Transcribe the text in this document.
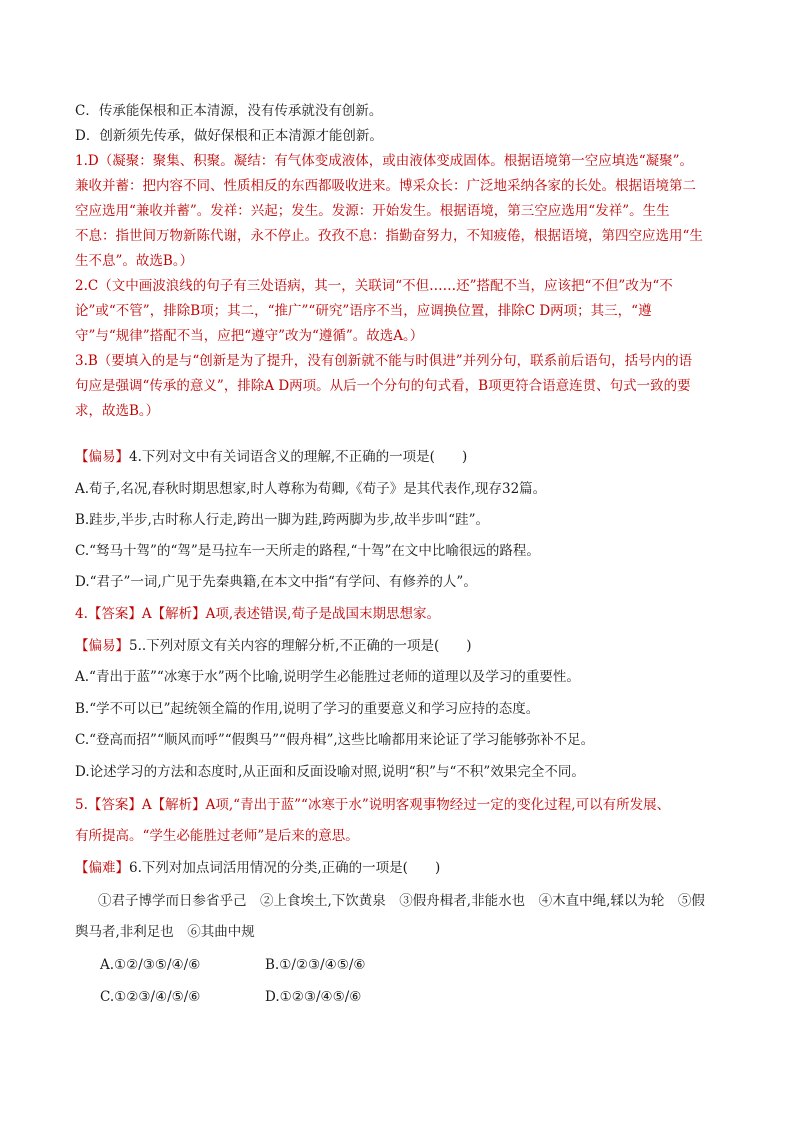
C．传承能保根和正本清源，没有传承就没有创新。
D．创新须先传承，做好保根和正本清源才能创新。
1.D（凝聚：聚集、积聚。凝结：有气体变成液体，或由液体变成固体。根据语境第一空应填选“凝聚”。
兼收并蓄：把内容不同、性质相反的东西都吸收进来。博采众长：广泛地采纳各家的长处。根据语境第二
空应选用“兼收并蓄”。发祥：兴起；发生。发源：开始发生。根据语境，第三空应选用“发祥”。生生
不息：指世间万物新陈代谢，永不停止。孜孜不息：指勤奋努力，不知疲倦，根据语境，第四空应选用“生
生不息”。故选B。）
2.C（文中画波浪线的句子有三处语病，其一，关联词“不但……还”搭配不当，应该把“不但”改为“不
论”或“不管”，排除B项；其二，“推广”“研究”语序不当，应调换位置，排除C D两项；其三，“遵
守”与“规律”搭配不当，应把“遵守”改为“遵循”。故选A。）
3.B（要填入的是与“创新是为了提升，没有创新就不能与时俱进”并列分句，联系前后语句，括号内的语
句应是强调“传承的意义”，排除A D两项。从后一个分句的句式看，B项更符合语意连贯、句式一致的要
求，故选B。）
【偏易】4.下列对文中有关词语含义的理解,不正确的一项是(　　)
A.荀子,名况,春秋时期思想家,时人尊称为荀卿,《荀子》是其代表作,现存32篇。
B.跬步,半步,古时称人行走,跨出一脚为跬,跨两脚为步,故半步叫“跬”。
C.“驽马十驾”的“驾”是马拉车一天所走的路程,“十驾”在文中比喻很远的路程。
D.“君子”一词,广见于先秦典籍,在本文中指“有学问、有修养的人”。
4.【答案】A【解析】A项,表述错误,荀子是战国末期思想家。
【偏易】5..下列对原文有关内容的理解分析,不正确的一项是(　　)
A.“青出于蓝”“冰寒于水”两个比喻,说明学生必能胜过老师的道理以及学习的重要性。
B.“学不可以已”起统领全篇的作用,说明了学习的重要意义和学习应持的态度。
C.“登高而招”“顺风而呼”“假舆马”“假舟楫”,这些比喻都用来论证了学习能够弥补不足。
D.论述学习的方法和态度时,从正面和反面设喻对照,说明“积”与“不积”效果完全不同。
5.【答案】A【解析】A项,“青出于蓝”“冰寒于水”说明客观事物经过一定的变化过程,可以有所发展、
有所提高。“学生必能胜过老师”是后来的意思。
【偏难】6.下列对加点词活用情况的分类,正确的一项是(　　)
①君子博学而日参省乎己　②上食埃土,下饮黄泉　③假舟楫者,非能水也　④木直中绳,𫐓以为轮　⑤假
舆马者,非利足也　⑥其曲中规
A.①②/③⑤/④/⑥	B.①/②③/④⑤/⑥
C.①②③/④/⑤/⑥	D.①②③/④⑤/⑥
